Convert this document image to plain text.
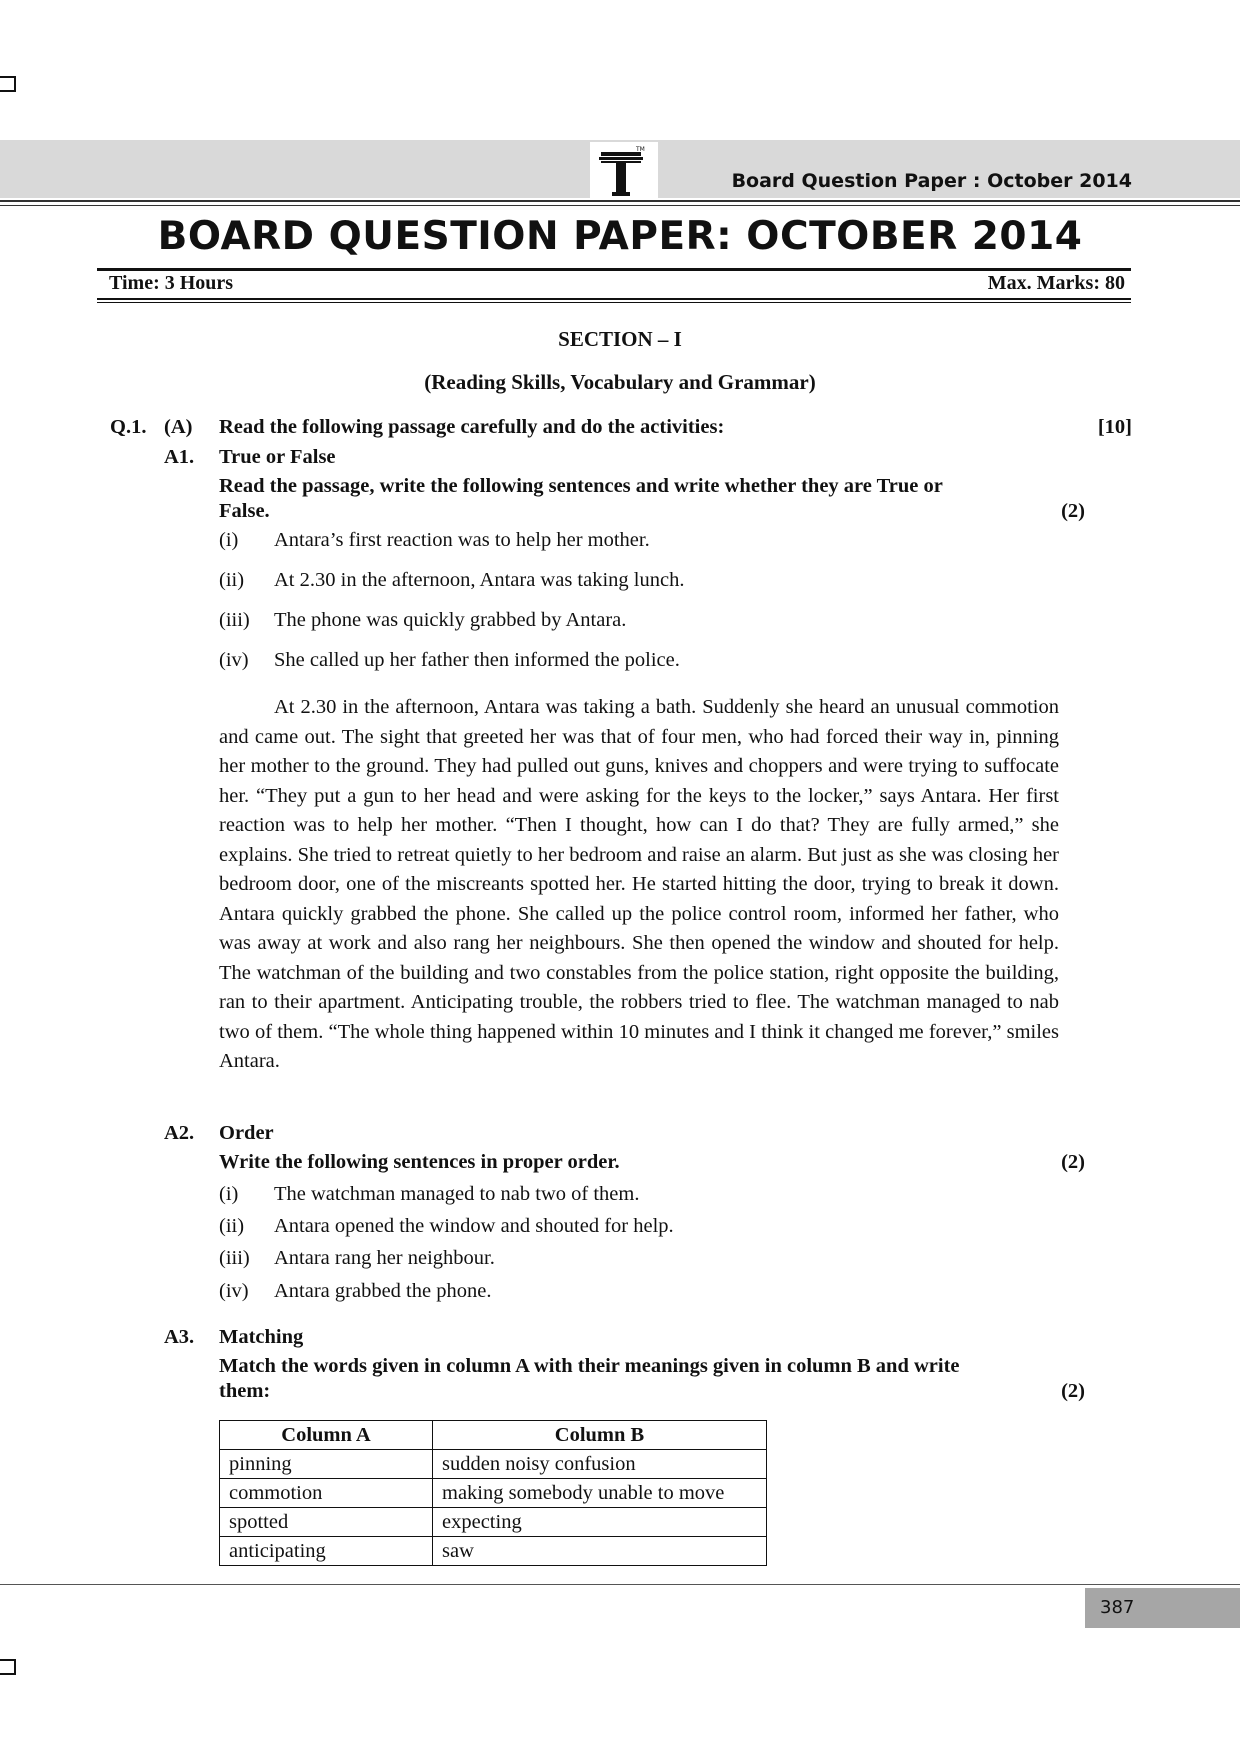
TM
Board Question Paper : October 2014
BOARD QUESTION PAPER: OCTOBER 2014
Time: 3 Hours	Max. Marks: 80
SECTION – I
(Reading Skills, Vocabulary and Grammar)
Q.1. (A) Read the following passage carefully and do the activities:	[10]
A1. True or False
Read the passage, write the following sentences and write whether they are True or
False.	(2)
(i) Antara’s first reaction was to help her mother.
(ii) At 2.30 in the afternoon, Antara was taking lunch.
(iii) The phone was quickly grabbed by Antara.
(iv) She called up her father then informed the police.

At 2.30 in the afternoon, Antara was taking a bath. Suddenly she heard an unusual commotion and came out. The sight that greeted her was that of four men, who had forced their way in, pinning her mother to the ground. They had pulled out guns, knives and choppers and were trying to suffocate her. “They put a gun to her head and were asking for the keys to the locker,” says Antara. Her first reaction was to help her mother. “Then I thought, how can I do that? They are fully armed,” she explains. She tried to retreat quietly to her bedroom and raise an alarm. But just as she was closing her bedroom door, one of the miscreants spotted her. He started hitting the door, trying to break it down. Antara quickly grabbed the phone. She called up the police control room, informed her father, who was away at work and also rang her neighbours. She then opened the window and shouted for help. The watchman of the building and two constables from the police station, right opposite the building, ran to their apartment. Anticipating trouble, the robbers tried to flee. The watchman managed to nab two of them. “The whole thing happened within 10 minutes and I think it changed me forever,” smiles Antara.

A2. Order
Write the following sentences in proper order.	(2)
(i) The watchman managed to nab two of them.
(ii) Antara opened the window and shouted for help.
(iii) Antara rang her neighbour.
(iv) Antara grabbed the phone.
A3. Matching
Match the words given in column A with their meanings given in column B and write
them:	(2)
Column A	Column B
pinning	sudden noisy confusion
commotion	making somebody unable to move
spotted	expecting
anticipating	saw
387
